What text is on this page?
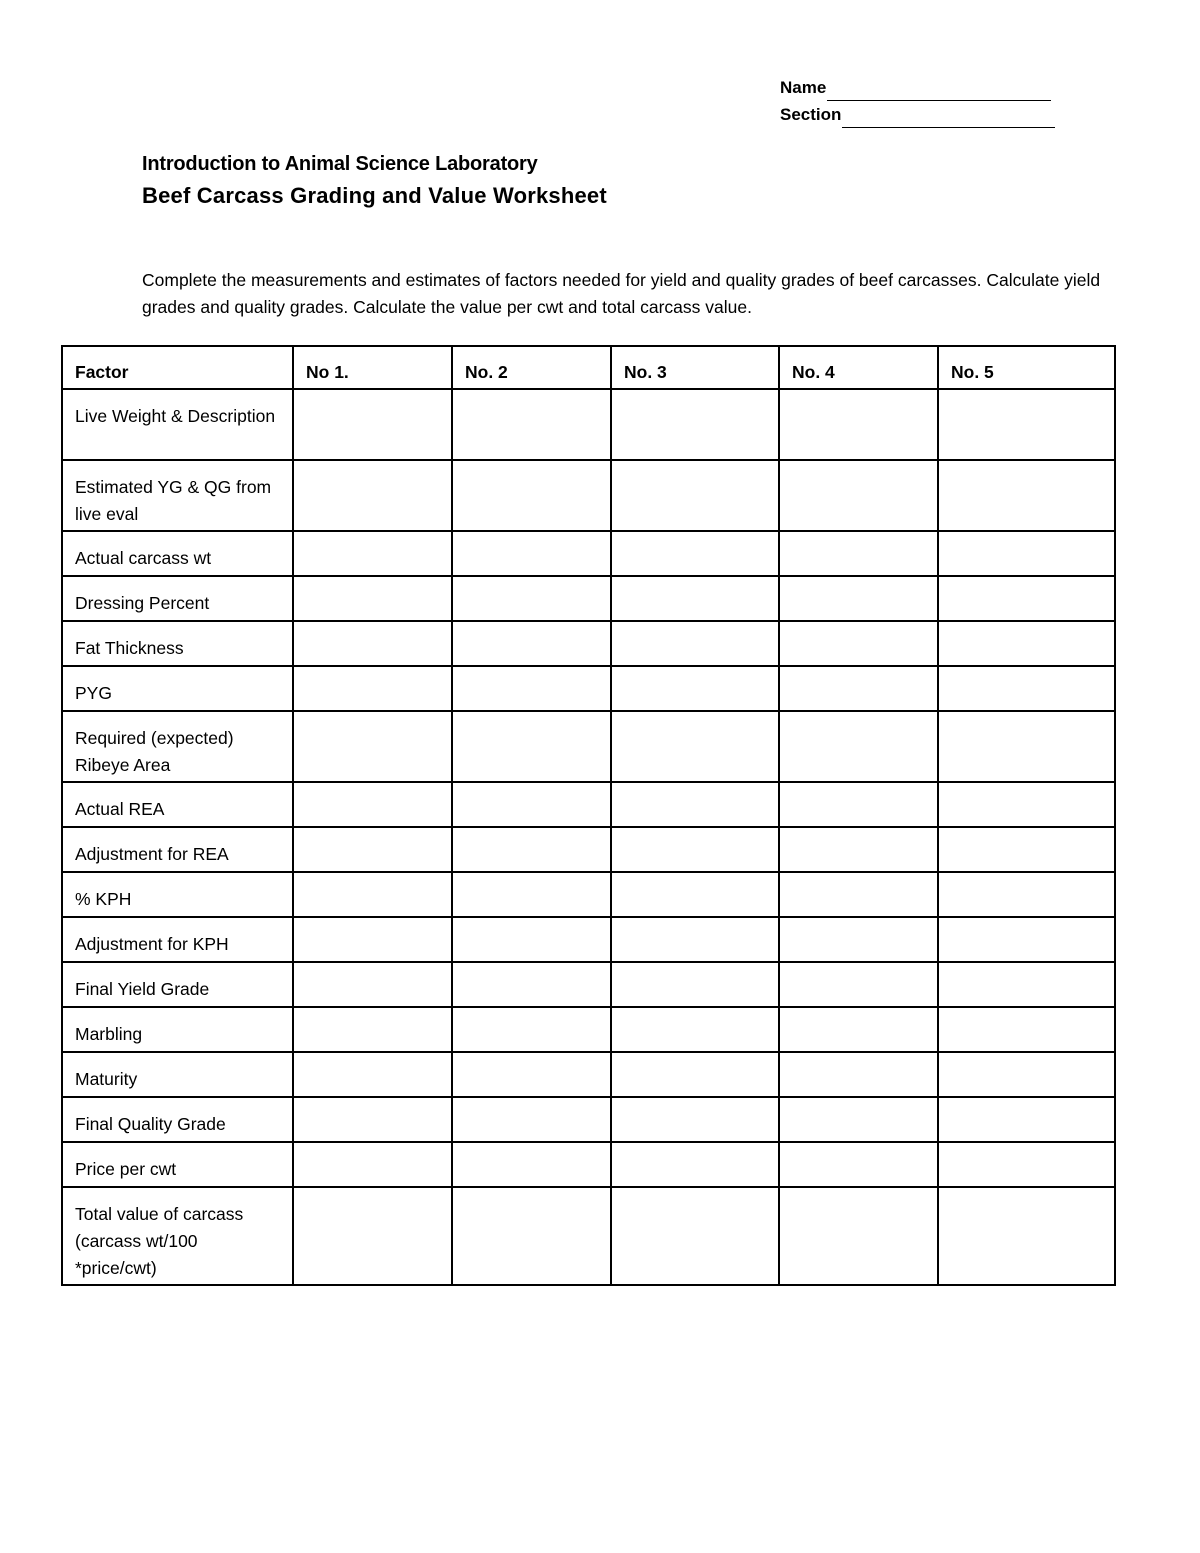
Name
Section
Introduction to Animal Science Laboratory
Beef Carcass Grading and Value Worksheet
Complete the measurements and estimates of factors needed for yield and quality grades of beef carcasses. Calculate yield grades and quality grades. Calculate the value per cwt and total carcass value.
Factor	No 1.	No. 2	No. 3	No. 4	No. 5
Live Weight & Description					
Estimated YG & QG from live eval					
Actual carcass wt					
Dressing Percent					
Fat Thickness					
PYG					
Required (expected) Ribeye Area					
Actual REA					
Adjustment for REA					
% KPH					
Adjustment for KPH					
Final Yield Grade					
Marbling					
Maturity					
Final Quality Grade					
Price per cwt					
Total value of carcass (carcass wt/100 *price/cwt)					
